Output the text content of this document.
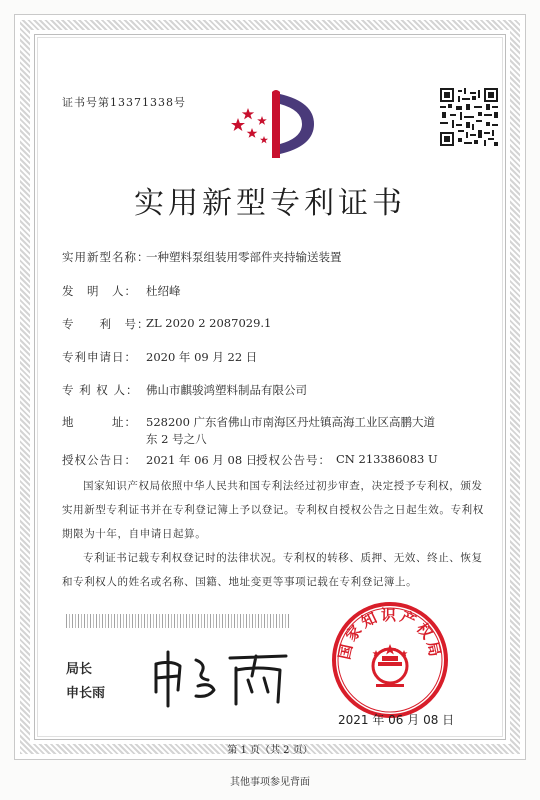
证书号第13371338号
实用新型专利证书
实用新型名称：
一种塑料泵组装用零部件夹持输送装置
发　明　人： 杜绍峰
专　　利　号：
ZL 2020 2 2087029.1
专利申请日： 2020 年 09 月 22 日
专 利 权 人： 佛山市麒骏鸿塑料制品有限公司
地　　　址： 528200 广东省佛山市南海区丹灶镇高海工业区高鹏大道
东 2 号之八
授权公告日： 2021 年 06 月 08 日
授权公告号： CN 213386083 U
国家知识产权局依照中华人民共和国专利法经过初步审查，决定授予专利权，颁发实用新型专利证书并在专利登记簿上予以登记。专利权自授权公告之日起生效。专利权期限为十年，自申请日起算。
专利证书记载专利权登记时的法律状况。专利权的转移、质押、无效、终止、恢复和专利权人的姓名或名称、国籍、地址变更等事项记载在专利登记簿上。
局长
申长雨
国家知识产权局
2021 年 06 月 08 日
第 1 页（共 2 页）
其他事项参见背面
